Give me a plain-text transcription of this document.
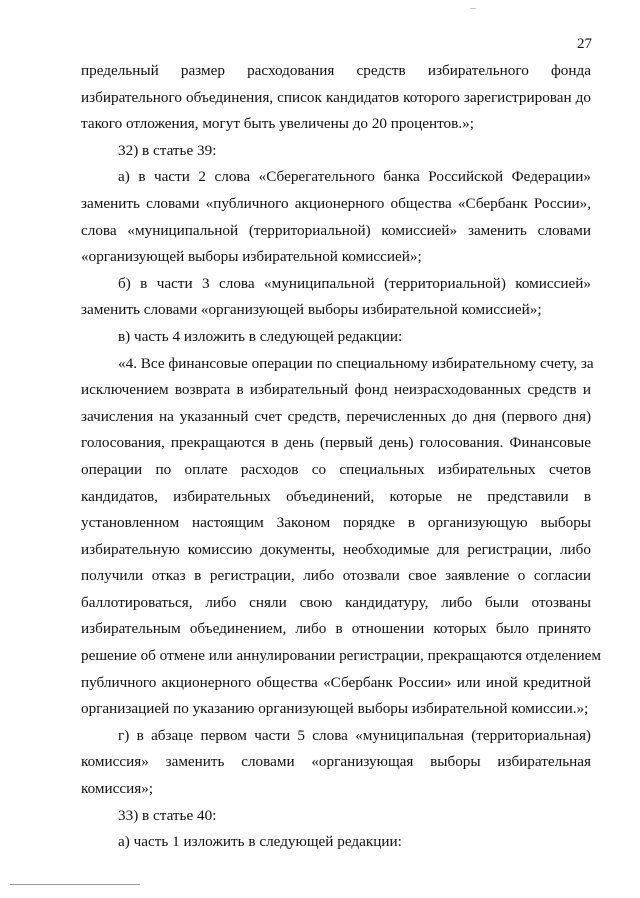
27
предельный размер расходования средств избирательного фонда
избирательного объединения, список кандидатов которого зарегистрирован до
такого отложения, могут быть увеличены до 20 процентов.»;
32) в статье 39:
а) в части 2 слова «Сберегательного банка Российской Федерации»
заменить словами «публичного акционерного общества «Сбербанк России»,
слова «муниципальной (территориальной) комиссией» заменить словами
«организующей выборы избирательной комиссией»;
б) в части 3 слова «муниципальной (территориальной) комиссией»
заменить словами «организующей выборы избирательной комиссией»;
в) часть 4 изложить в следующей редакции:
«4. Все финансовые операции по специальному избирательному счету, за
исключением возврата в избирательный фонд неизрасходованных средств и
зачисления на указанный счет средств, перечисленных до дня (первого дня)
голосования, прекращаются в день (первый день) голосования. Финансовые
операции по оплате расходов со специальных избирательных счетов
кандидатов, избирательных объединений, которые не представили в
установленном настоящим Законом порядке в организующую выборы
избирательную комиссию документы, необходимые для регистрации, либо
получили отказ в регистрации, либо отозвали свое заявление о согласии
баллотироваться, либо сняли свою кандидатуру, либо были отозваны
избирательным объединением, либо в отношении которых было принято
решение об отмене или аннулировании регистрации, прекращаются отделением
публичного акционерного общества «Сбербанк России» или иной кредитной
организацией по указанию организующей выборы избирательной комиссии.»;
г) в абзаце первом части 5 слова «муниципальная (территориальная)
комиссия» заменить словами «организующая выборы избирательная
комиссия»;
33) в статье 40:
а) часть 1 изложить в следующей редакции:
